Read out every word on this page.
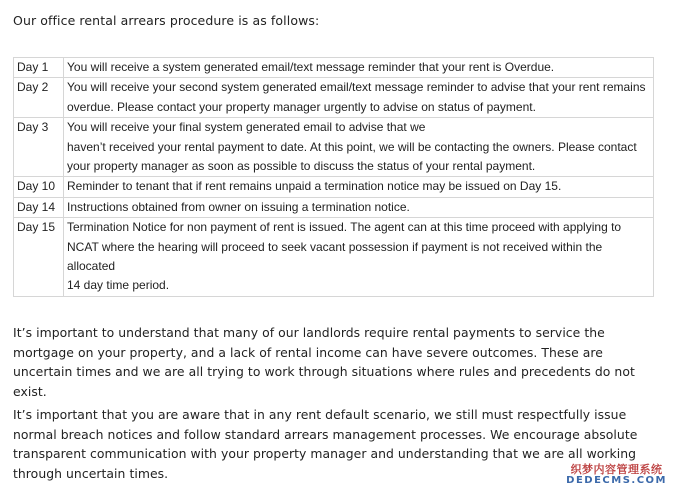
Our office rental arrears procedure is as follows:

Day 1	You will receive a system generated email/text message reminder that your rent is Overdue.

Day 2	You will receive your second system generated email/text message reminder to advise that your rent remains
overdue. Please contact your property manager urgently to advise on status of payment.

Day 3	You will receive your final system generated email to advise that we
haven’t received your rental payment to date. At this point, we will be contacting the owners. Please contact
your property manager as soon as possible to discuss the status of your rental payment.

Day 10	Reminder to tenant that if rent remains unpaid a termination notice may be issued on Day 15.

Day 14	Instructions obtained from owner on issuing a termination notice.

Day 15	Termination Notice for non payment of rent is issued. The agent can at this time proceed with applying to
NCAT where the hearing will proceed to seek vacant possession if payment is not received within the allocated
14 day time period.

It’s important to understand that many of our landlords require rental payments to service the mortgage on your property, and a lack of rental income can have severe outcomes. These are uncertain times and we are all trying to work through situations where rules and precedents do not exist.

It’s important that you are aware that in any rent default scenario, we still must respectfully issue normal breach notices and follow standard arrears management processes. We encourage absolute transparent communication with your property manager and understanding that we are all working through uncertain times.	织梦内容管理系统
DEDECMS.COM
